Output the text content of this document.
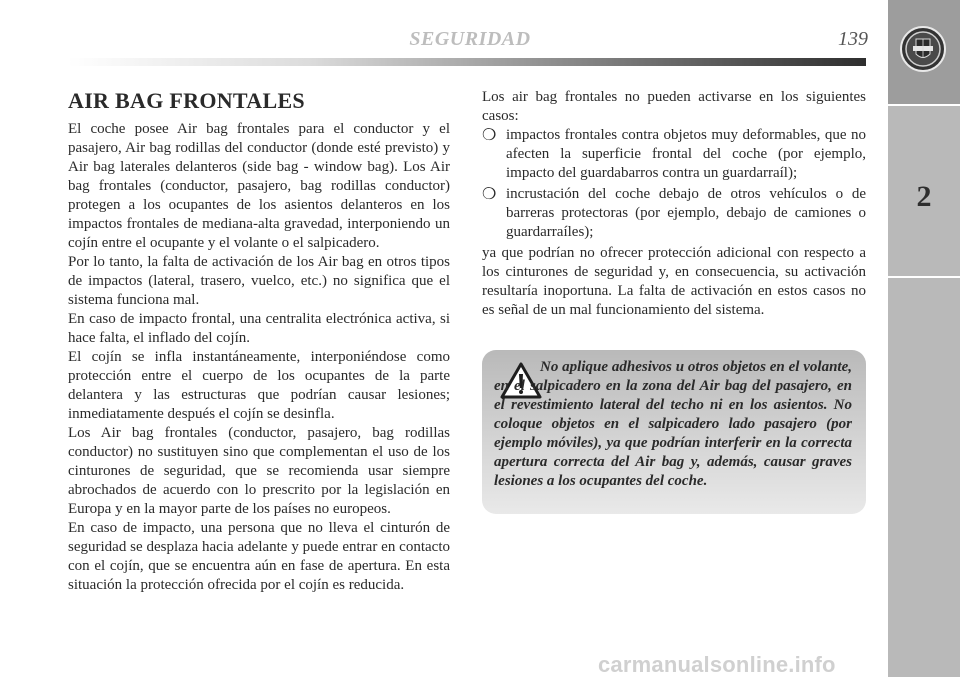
SEGURIDAD	139
2
AIR BAG FRONTALES

El coche posee Air bag frontales para el conductor y el pasajero, Air bag rodillas del conductor (donde esté previsto) y Air bag laterales delanteros (side bag - window bag). Los Air bag frontales (conductor, pasajero, bag rodillas conductor) protegen a los ocupantes de los asientos delanteros en los impactos frontales de mediana-alta gravedad, interponiendo un cojín entre el ocupante y el volante o el salpicadero.

Por lo tanto, la falta de activación de los Air bag en otros tipos de impactos (lateral, trasero, vuelco, etc.) no significa que el sistema funciona mal.

En caso de impacto frontal, una centralita electrónica activa, si hace falta, el inflado del cojín.

El cojín se infla instantáneamente, interponiéndose como protección entre el cuerpo de los ocupantes de la parte delantera y las estructuras que podrían causar lesiones; inmediatamente después el cojín se desinfla.

Los Air bag frontales (conductor, pasajero, bag rodillas conductor) no sustituyen sino que complementan el uso de los cinturones de seguridad, que se recomienda usar siempre abrochados de acuerdo con lo prescrito por la legislación en Europa y en la mayor parte de los países no europeos.

En caso de impacto, una persona que no lleva el cinturón de seguridad se desplaza hacia adelante y puede entrar en contacto con el cojín, que se encuentra aún en fase de apertura. En esta situación la protección ofrecida por el cojín es reducida.

Los air bag frontales no pueden activarse en los siguientes casos:

❍ impactos frontales contra objetos muy deformables, que no afecten la superficie frontal del coche (por ejemplo, impacto del guardabarros contra un guardarraíl);
❍ incrustación del coche debajo de otros vehículos o de barreras protectoras (por ejemplo, debajo de camiones o guardarraíles);

ya que podrían no ofrecer protección adicional con respecto a los cinturones de seguridad y, en consecuencia, su activación resultaría inoportuna. La falta de activación en estos casos no es señal de un mal funcionamiento del sistema.

No aplique adhesivos u otros objetos en el volante, en el salpicadero en la zona del Air bag del pasajero, en el revestimiento lateral del techo ni en los asientos. No coloque objetos en el salpicadero lado pasajero (por ejemplo móviles), ya que podrían interferir en la correcta apertura correcta del Air bag y, además, causar graves lesiones a los ocupantes del coche.

carmanualsonline.info
